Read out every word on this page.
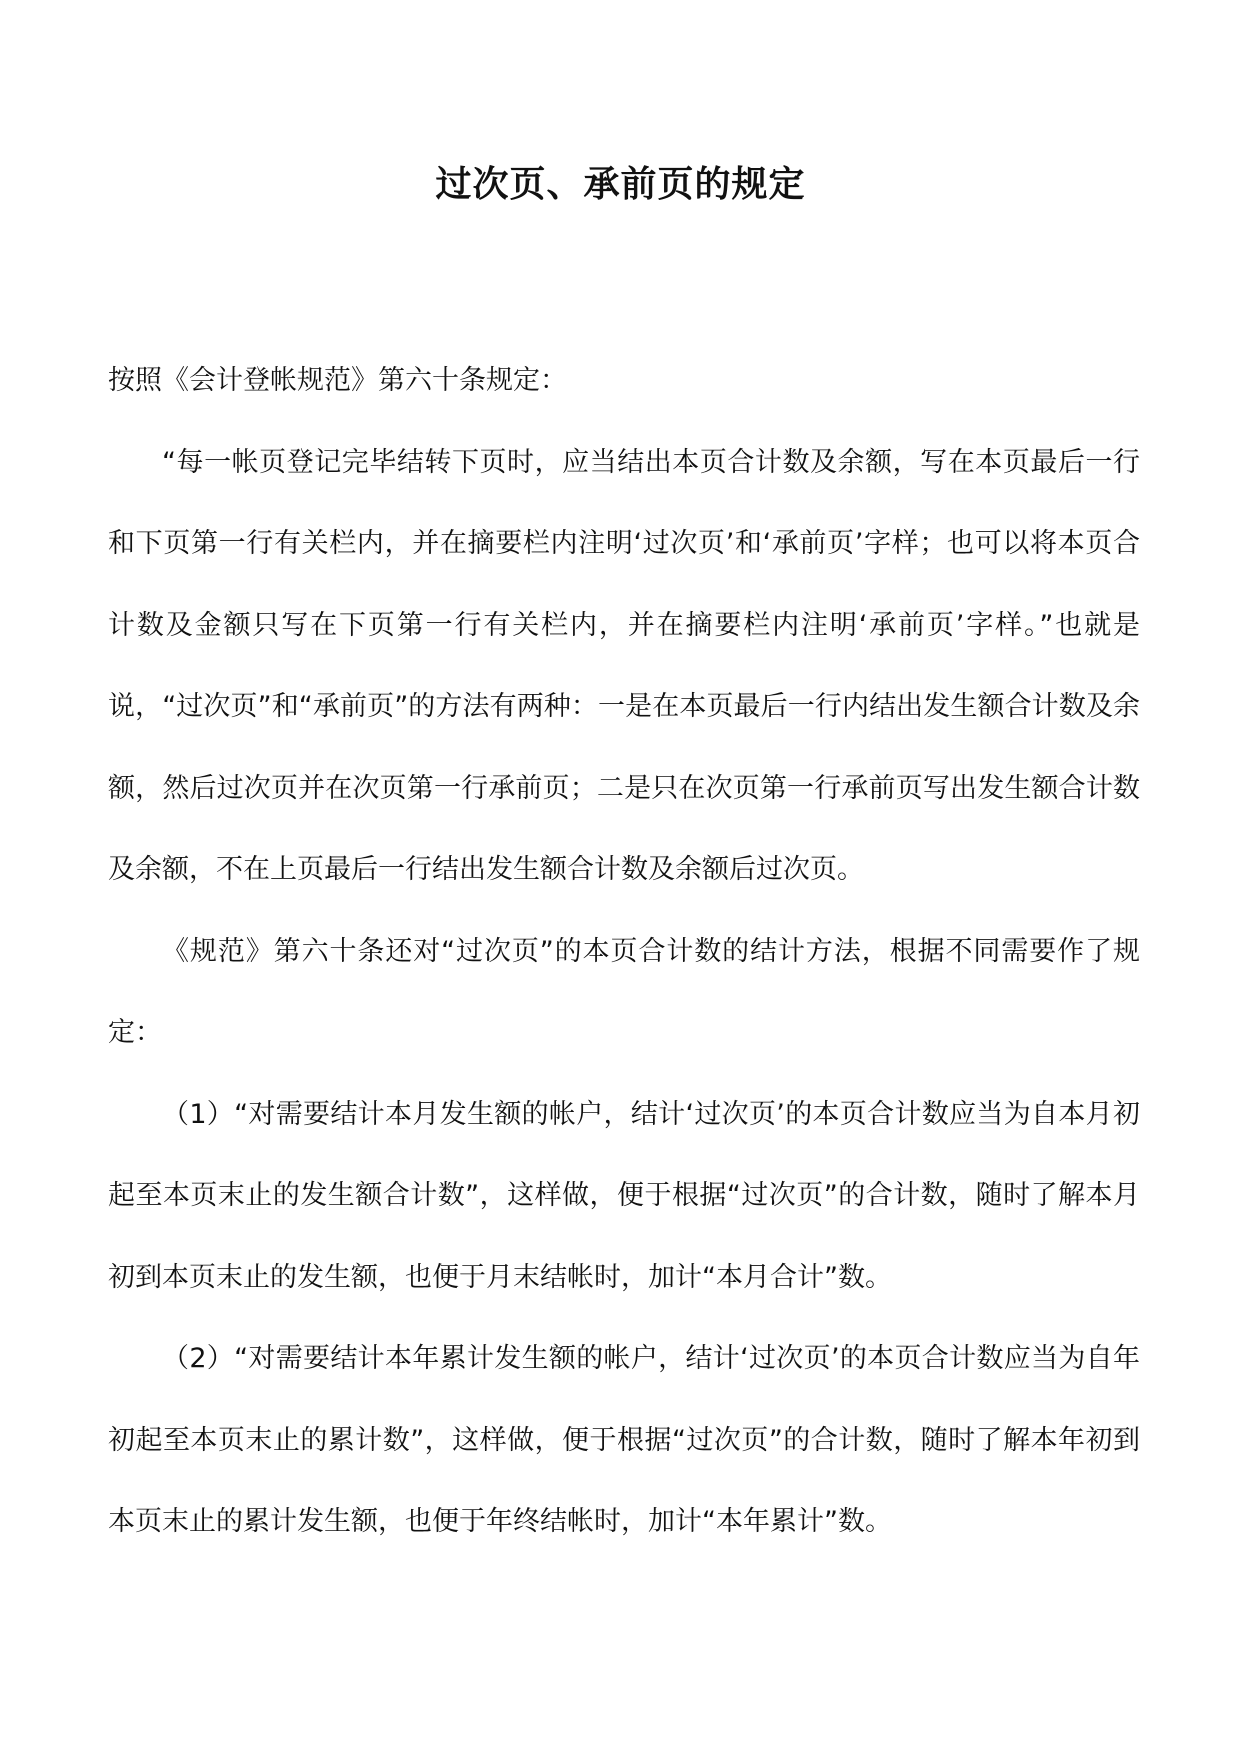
过次页、承前页的规定

按照《会计登帐规范》第六十条规定：

“每一帐页登记完毕结转下页时，应当结出本页合计数及余额，写在本页最后一行和下页第一行有关栏内，并在摘要栏内注明‘过次页’和‘承前页’字样；也可以将本页合计数及金额只写在下页第一行有关栏内，并在摘要栏内注明‘承前页’字样。”也就是说，“过次页”和“承前页”的方法有两种：一是在本页最后一行内结出发生额合计数及余额，然后过次页并在次页第一行承前页；二是只在次页第一行承前页写出发生额合计数及余额，不在上页最后一行结出发生额合计数及余额后过次页。

《规范》第六十条还对“过次页”的本页合计数的结计方法，根据不同需要作了规定：

（1）“对需要结计本月发生额的帐户，结计‘过次页’的本页合计数应当为自本月初起至本页末止的发生额合计数”，这样做，便于根据“过次页”的合计数，随时了解本月初到本页末止的发生额，也便于月末结帐时，加计“本月合计”数。

（2）“对需要结计本年累计发生额的帐户，结计‘过次页’的本页合计数应当为自年初起至本页末止的累计数”，这样做，便于根据“过次页”的合计数，随时了解本年初到本页末止的累计发生额，也便于年终结帐时，加计“本年累计”数。
